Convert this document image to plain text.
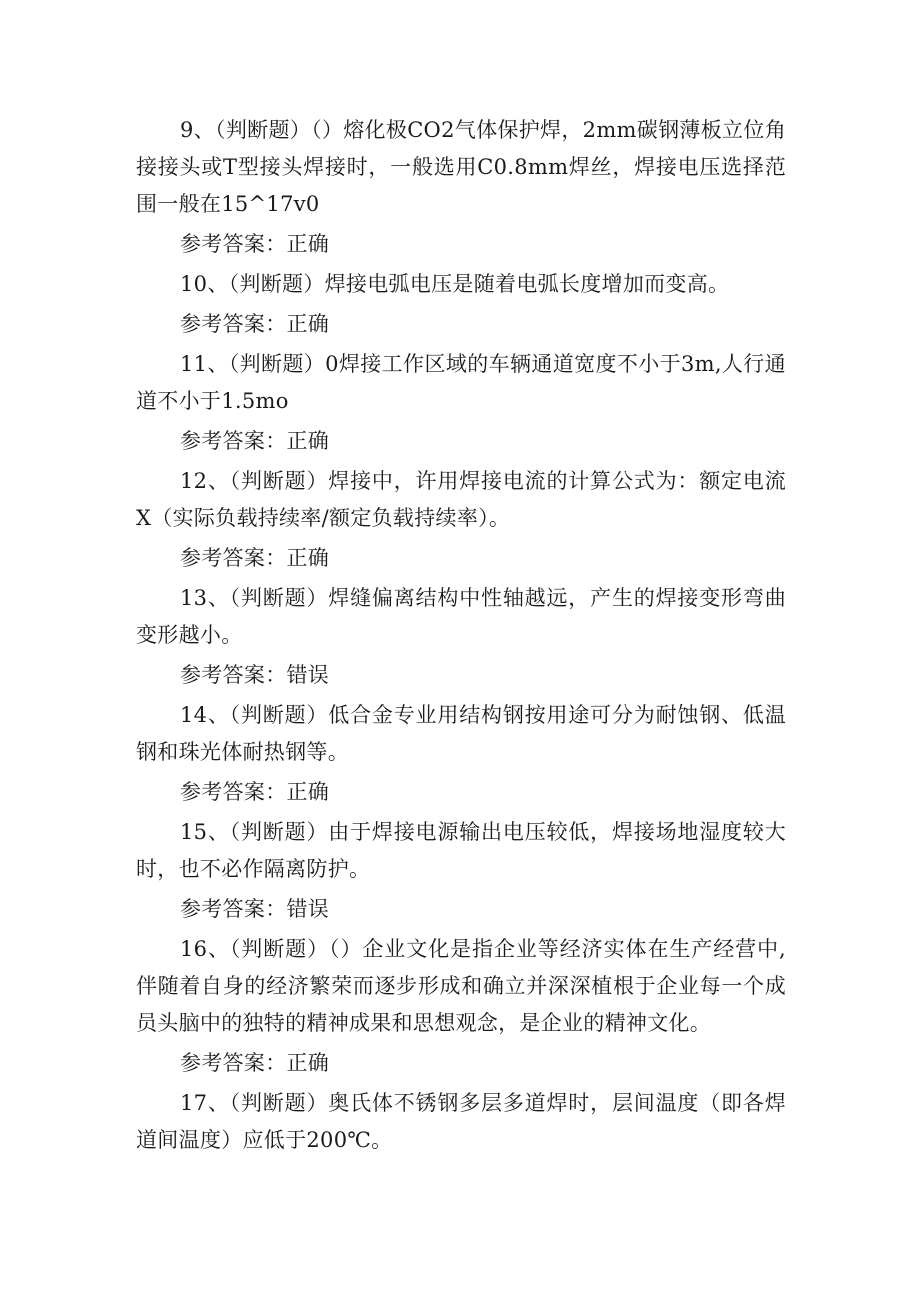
9、（判断题）（）熔化极CO2气体保护焊，2mm碳钢薄板立位角接接头或T型接头焊接时，一般选用C0.8mm焊丝，焊接电压选择范围一般在15^17v0

参考答案：正确

10、（判断题）焊接电弧电压是随着电弧长度增加而变高。

参考答案：正确

11、（判断题）0焊接工作区域的车辆通道宽度不小于3m,人行通道不小于1.5mo

参考答案：正确

12、（判断题）焊接中，许用焊接电流的计算公式为：额定电流X（实际负载持续率/额定负载持续率）。

参考答案：正确

13、（判断题）焊缝偏离结构中性轴越远，产生的焊接变形弯曲变形越小。

参考答案：错误

14、（判断题）低合金专业用结构钢按用途可分为耐蚀钢、低温钢和珠光体耐热钢等。

参考答案：正确

15、（判断题）由于焊接电源输出电压较低，焊接场地湿度较大时，也不必作隔离防护。

参考答案：错误

16、（判断题）（）企业文化是指企业等经济实体在生产经营中,伴随着自身的经济繁荣而逐步形成和确立并深深植根于企业每一个成员头脑中的独特的精神成果和思想观念，是企业的精神文化。

参考答案：正确

17、（判断题）奥氏体不锈钢多层多道焊时，层间温度（即各焊道间温度）应低于200℃。
